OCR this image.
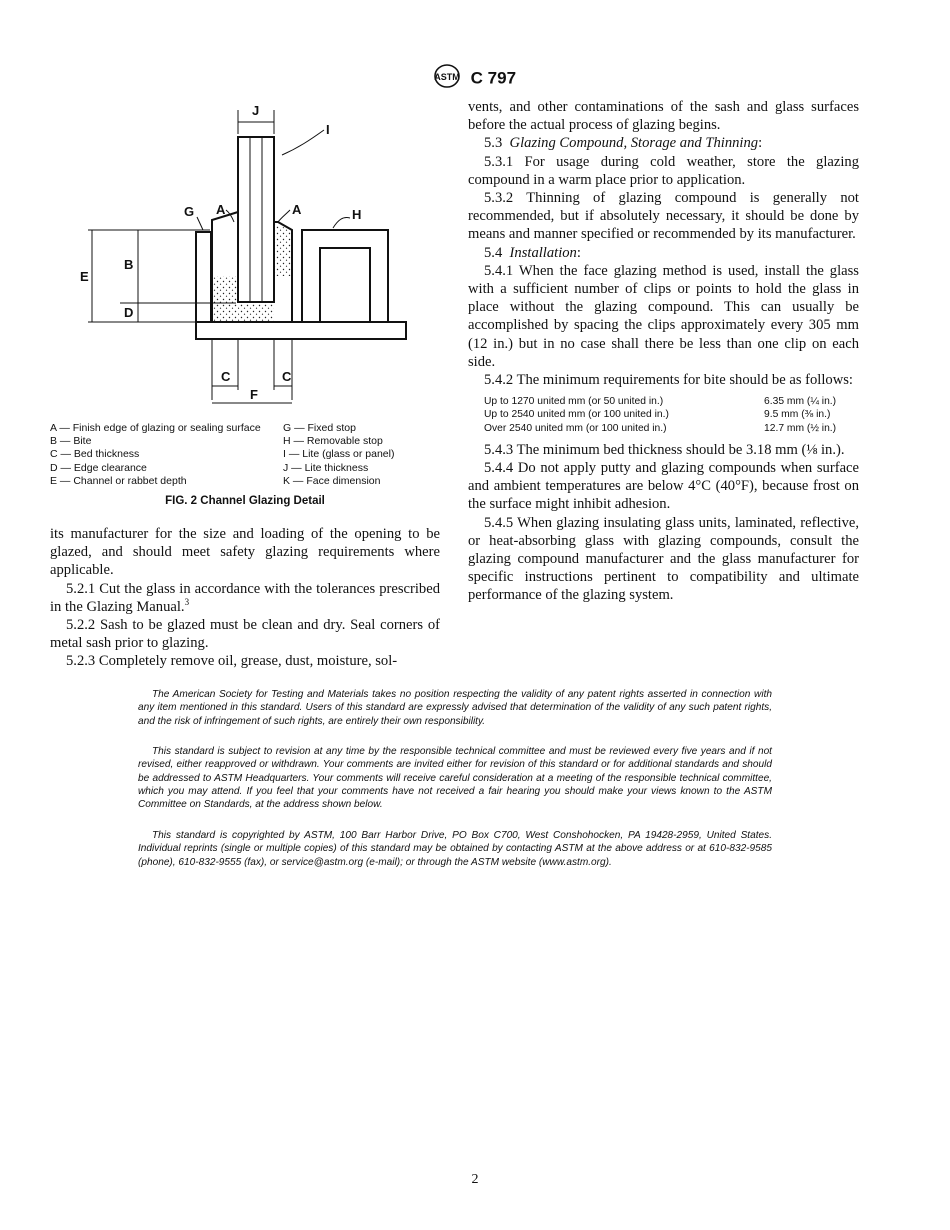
ASTM C 797
J
I
G A	A	H
E
B
D
C	C
F
A — Finish edge of glazing or sealing surface
B — Bite
C — Bed thickness
D — Edge clearance
E — Channel or rabbet depth
G — Fixed stop
H — Removable stop
I — Lite (glass or panel)
J — Lite thickness
K — Face dimension
FIG. 2 Channel Glazing Detail

its manufacturer for the size and loading of the opening to be glazed, and should meet safety glazing requirements where applicable.

5.2.1 Cut the glass in accordance with the tolerances prescribed in the Glazing Manual.$^3$

5.2.2 Sash to be glazed must be clean and dry. Seal corners of metal sash prior to glazing.

5.2.3 Completely remove oil, grease, dust, moisture, sol-

vents, and other contaminations of the sash and glass surfaces before the actual process of glazing begins.

5.3 Glazing Compound, Storage and Thinning:

5.3.1 For usage during cold weather, store the glazing compound in a warm place prior to application.

5.3.2 Thinning of glazing compound is generally not recommended, but if absolutely necessary, it should be done by means and manner specified or recommended by its manufacturer.

5.4 Installation:

5.4.1 When the face glazing method is used, install the glass with a sufficient number of clips or points to hold the glass in place without the glazing compound. This can usually be accomplished by spacing the clips approximately every 305 mm (12 in.) but in no case shall there be less than one clip on each side.

5.4.2 The minimum requirements for bite should be as follows:

Up to 1270 united mm (or 50 united in.)	6.35 mm (¼ in.)
Up to 2540 united mm (or 100 united in.)	9.5 mm (⅜ in.)
Over 2540 united mm (or 100 united in.)	12.7 mm (½ in.)

5.4.3 The minimum bed thickness should be 3.18 mm (⅛ in.).

5.4.4 Do not apply putty and glazing compounds when surface and ambient temperatures are below 4°C (40°F), because frost on the surface might inhibit adhesion.

5.4.5 When glazing insulating glass units, laminated, reflective, or heat-absorbing glass with glazing compounds, consult the glazing compound manufacturer and the glass manufacturer for specific instructions pertinent to compatibility and ultimate performance of the glazing system.

The American Society for Testing and Materials takes no position respecting the validity of any patent rights asserted in connection with any item mentioned in this standard. Users of this standard are expressly advised that determination of the validity of any such patent rights, and the risk of infringement of such rights, are entirely their own responsibility.

This standard is subject to revision at any time by the responsible technical committee and must be reviewed every five years and if not revised, either reapproved or withdrawn. Your comments are invited either for revision of this standard or for additional standards and should be addressed to ASTM Headquarters. Your comments will receive careful consideration at a meeting of the responsible technical committee, which you may attend. If you feel that your comments have not received a fair hearing you should make your views known to the ASTM Committee on Standards, at the address shown below.

This standard is copyrighted by ASTM, 100 Barr Harbor Drive, PO Box C700, West Conshohocken, PA 19428-2959, United States. Individual reprints (single or multiple copies) of this standard may be obtained by contacting ASTM at the above address or at 610-832-9585 (phone), 610-832-9555 (fax), or service@astm.org (e-mail); or through the ASTM website (www.astm.org).

2
